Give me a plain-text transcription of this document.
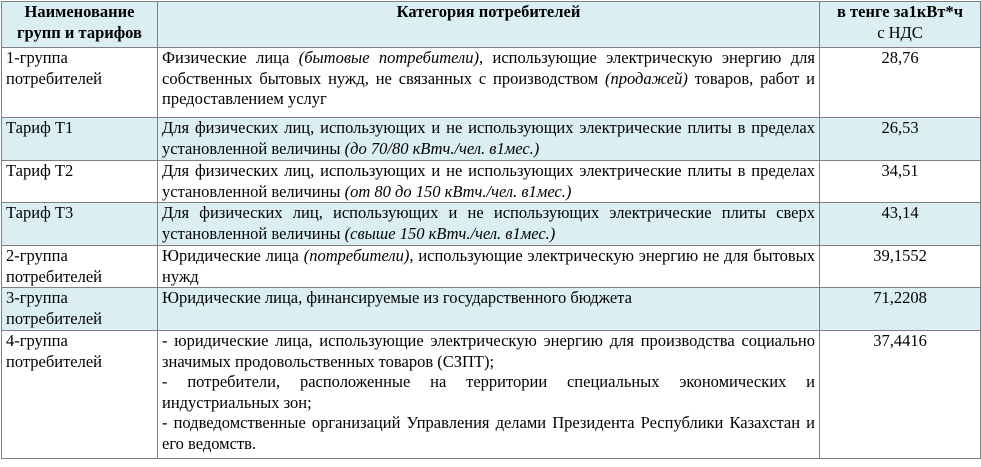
Наименование групп и тарифов	Категория потребителей	в тенге за1кВт*ч
с НДС

1-группа потребителей	Физические лица (бытовые потребители), использующие электрическую энергию для собственных бытовых нужд, не связанных с производством (продажей) товаров, работ и предоставлением услуг	28,76
Тариф Т1	Для физических лиц, использующих и не использующих электрические плиты в пределах установленной величины (до 70/80 кВтч./чел. в1мес.)	26,53
Тариф Т2	Для физических лиц, использующих и не использующих электрические плиты в пределах установленной величины (от 80 до 150 кВтч./чел. в1мес.)	34,51
Тариф Т3	Для физических лиц, использующих и не использующих электрические плиты сверх установленной величины (свыше 150 кВтч./чел. в1мес.)	43,14
2-группа потребителей	Юридические лица (потребители), использующие электрическую энергию не для бытовых нужд	39,1552
3-группа потребителей	Юридические лица, финансируемые из государственного бюджета	71,2208
4-группа потребителей	- юридические лица, использующие электрическую энергию для производства социально значимых продовольственных товаров (СЗПТ);
- потребители, расположенные на территории специальных экономических и индустриальных зон;
- подведомственные организаций Управления делами Президента Республики Казахстан и его ведомств.	37,4416
